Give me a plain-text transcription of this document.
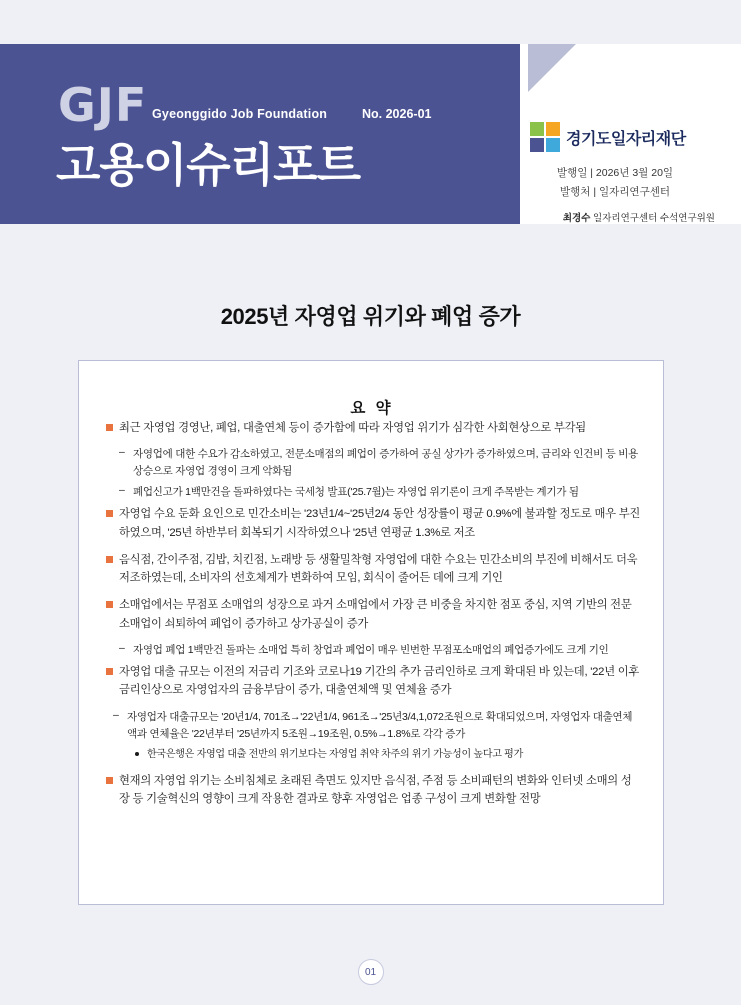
GJF Gyeonggido Job Foundation	No. 2026-01
고용이슈리포트	경기도일자리재단
발행일 | 2026년 3월 20일
발행처 | 일자리연구센터
최경수 일자리연구센터 수석연구위원
2025년 자영업 위기와 폐업 증가
요 약
최근 자영업 경영난, 폐업, 대출연체 등이 증가함에 따라 자영업 위기가 심각한 사회현상으로 부각됨
– 자영업에 대한 수요가 감소하였고, 전문소매점의 폐업이 증가하여 공실 상가가 증가하였으며, 금리와 인건비 등 비용상승으로 자영업 경영이 크게 악화됨
– 폐업신고가 1백만건을 돌파하였다는 국세청 발표('25.7월)는 자영업 위기론이 크게 주목받는 계기가 됨
자영업 수요 둔화 요인으로 민간소비는 '23년1/4~'25년2/4 동안 성장률이 평균 0.9%에 불과할 정도로 매우 부진하였으며, '25년 하반부터 회복되기 시작하였으나 '25년 연평균 1.3%로 저조
음식점, 간이주점, 김밥, 치킨점, 노래방 등 생활밀착형 자영업에 대한 수요는 민간소비의 부진에 비해서도 더욱 저조하였는데, 소비자의 선호체계가 변화하여 모임, 회식이 줄어든 데에 크게 기인
소매업에서는 무점포 소매업의 성장으로 과거 소매업에서 가장 큰 비중을 차지한 점포 중심, 지역 기반의 전문소매업이 쇠퇴하여 폐업이 증가하고 상가공실이 증가
– 자영업 폐업 1백만건 돌파는 소매업 특히 창업과 폐업이 매우 빈번한 무점포소매업의 폐업증가에도 크게 기인
자영업 대출 규모는 이전의 저금리 기조와 코로나19 기간의 추가 금리인하로 크게 확대된 바 있는데, '22년 이후 금리인상으로 자영업자의 금융부담이 증가, 대출연체액 및 연체율 증가
– 자영업자 대출규모는 '20년1/4, 701조→'22년1/4, 961조→'25년3/4,1,072조원으로 확대되었으며, 자영업자 대출연체액과 연체율은 '22년부터 '25년까지 5조원→19조원, 0.5%→1.8%로 각각 증가
한국은행은 자영업 대출 전반의 위기보다는 자영업 취약 차주의 위기 가능성이 높다고 평가
현재의 자영업 위기는 소비침체로 초래된 측면도 있지만 음식점, 주점 등 소비패턴의 변화와 인터넷 소매의 성장 등 기술혁신의 영향이 크게 작용한 결과로 향후 자영업은 업종 구성이 크게 변화할 전망
01
